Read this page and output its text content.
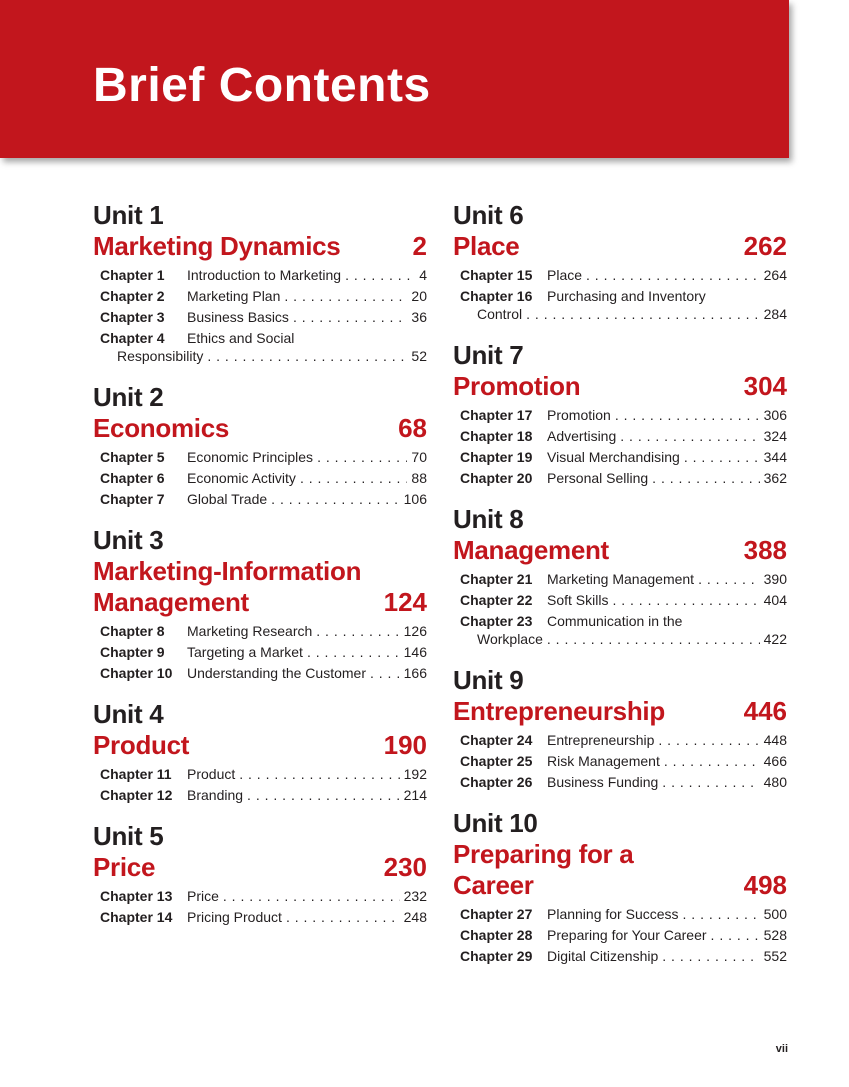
Brief Contents
Unit 1
Marketing Dynamics	2
Chapter 1	Introduction to Marketing . . .	4
Chapter 2	Marketing Plan . . .	20
Chapter 3	Business Basics . . .	36
Chapter 4	Ethics and Social
Responsibility . . .	52
Unit 2
Economics	68
Chapter 5	Economic Principles . . .	70
Chapter 6	Economic Activity . . .	88
Chapter 7	Global Trade . . .	106
Unit 3
Marketing-Information
Management	124
Chapter 8	Marketing Research . . .	126
Chapter 9	Targeting a Market . . .	146
Chapter 10	Understanding the Customer . . .	166
Unit 4
Product	190
Chapter 11	Product . . .	192
Chapter 12	Branding . . .	214
Unit 5
Price	230
Chapter 13	Price . . .	232
Chapter 14	Pricing Product . . .	248
Unit 6
Place	262
Chapter 15	Place . . .	264
Chapter 16	Purchasing and Inventory
Control . . .	284
Unit 7
Promotion	304
Chapter 17	Promotion . . .	306
Chapter 18	Advertising . . .	324
Chapter 19	Visual Merchandising . . .	344
Chapter 20	Personal Selling . . .	362
Unit 8
Management	388
Chapter 21	Marketing Management . . .	390
Chapter 22	Soft Skills . . .	404
Chapter 23	Communication in the
Workplace . . .	422
Unit 9
Entrepreneurship	446
Chapter 24	Entrepreneurship . . .	448
Chapter 25	Risk Management . . .	466
Chapter 26	Business Funding . . .	480
Unit 10
Preparing for a
Career	498
Chapter 27	Planning for Success . . .	500
Chapter 28	Preparing for Your Career . . .	528
Chapter 29	Digital Citizenship . . .	552
vii
